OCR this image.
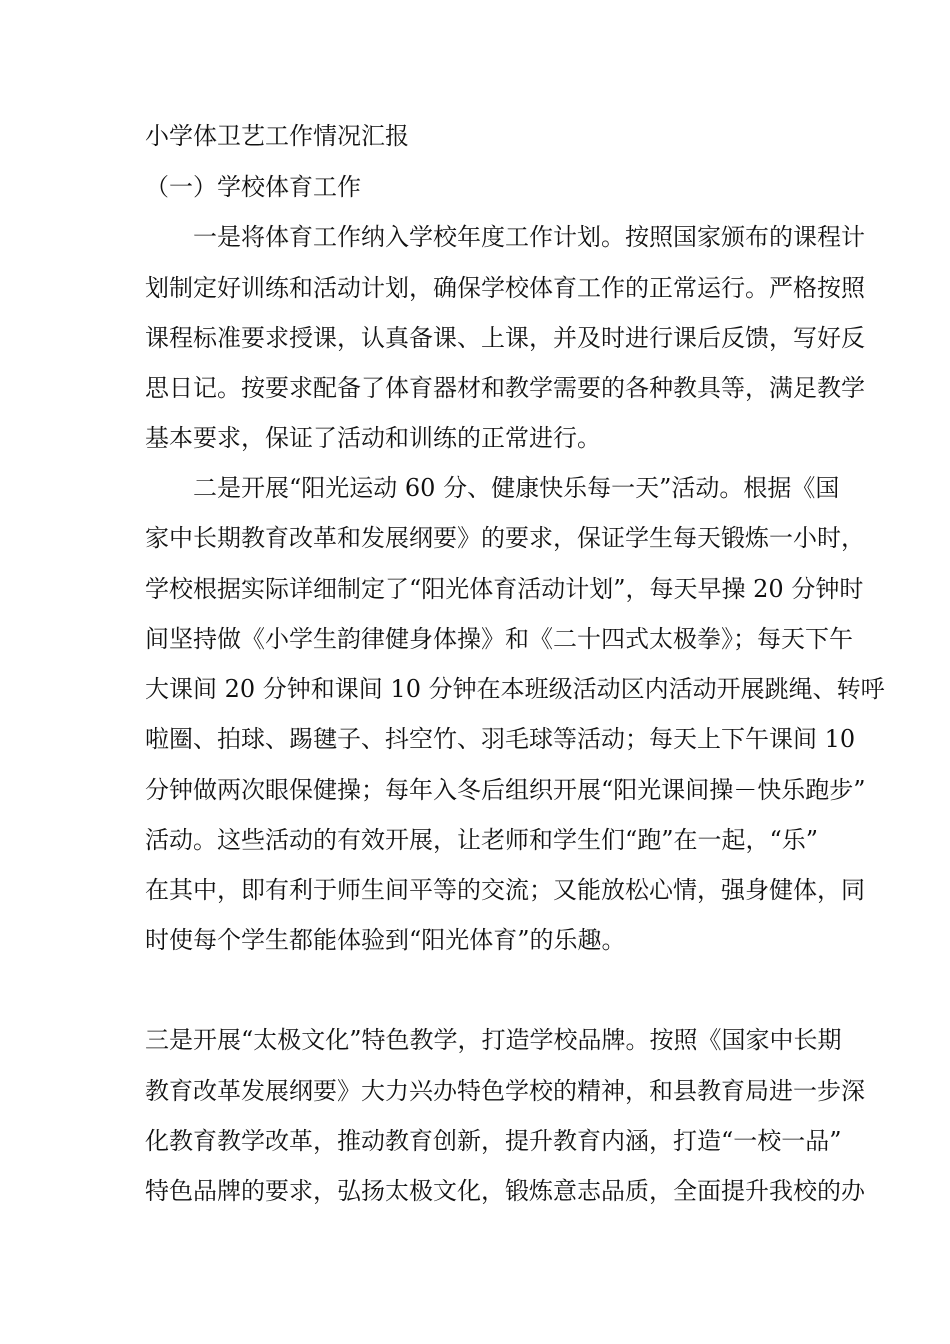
小学体卫艺工作情况汇报
（一）学校体育工作
一是将体育工作纳入学校年度工作计划。按照国家颁布的课程计
划制定好训练和活动计划，确保学校体育工作的正常运行。严格按照
课程标准要求授课，认真备课、上课，并及时进行课后反馈，写好反
思日记。按要求配备了体育器材和教学需要的各种教具等，满足教学
基本要求，保证了活动和训练的正常进行。
二是开展“阳光运动 60 分、健康快乐每一天”活动。根据《国
家中长期教育改革和发展纲要》的要求，保证学生每天锻炼一小时，
学校根据实际详细制定了“阳光体育活动计划”，每天早操 20 分钟时
间坚持做《小学生韵律健身体操》和《二十四式太极拳》；每天下午
大课间 20 分钟和课间 10 分钟在本班级活动区内活动开展跳绳、转呼
啦圈、拍球、踢毽子、抖空竹、羽毛球等活动；每天上下午课间 10
分钟做两次眼保健操；每年入冬后组织开展“阳光课间操－快乐跑步”
活动。这些活动的有效开展，让老师和学生们“跑”在一起，“乐”
在其中，即有利于师生间平等的交流；又能放松心情，强身健体，同
时使每个学生都能体验到“阳光体育”的乐趣。
三是开展“太极文化”特色教学，打造学校品牌。按照《国家中长期
教育改革发展纲要》大力兴办特色学校的精神，和县教育局进一步深
化教育教学改革，推动教育创新，提升教育内涵，打造“一校一品”
特色品牌的要求，弘扬太极文化，锻炼意志品质，全面提升我校的办
